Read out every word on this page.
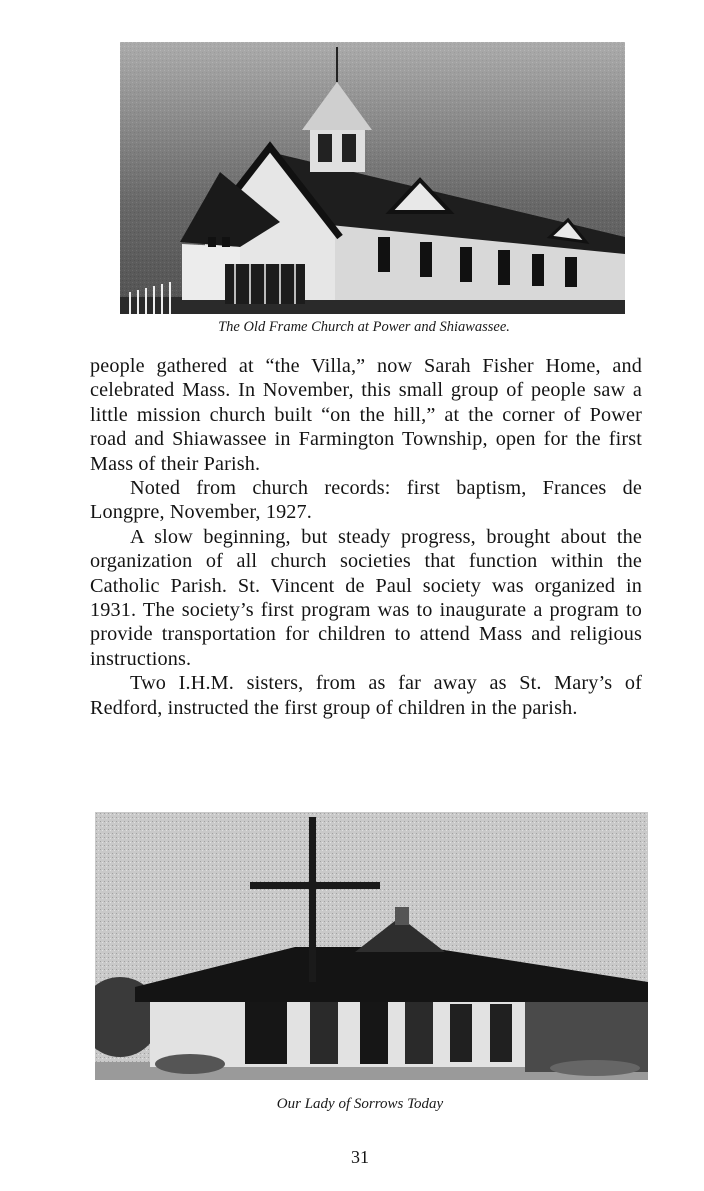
The Old Frame Church at Power and Shiawassee.

people gathered at “the Villa,” now Sarah Fisher Home, and celebrated Mass. In November, this small group of people saw a little mission church built “on the hill,” at the corner of Power road and Shiawassee in Farmington Township, open for the first Mass of their Parish.

Noted from church records: first baptism, Frances de Longpre, November, 1927.

A slow beginning, but steady progress, brought about the organization of all church societies that function within the Catholic Parish. St. Vincent de Paul society was organized in 1931. The society’s first program was to inaugurate a program to provide transportation for children to attend Mass and religious instructions.

Two I.H.M. sisters, from as far away as St. Mary’s of Redford, instructed the first group of children in the parish.

Our Lady of Sorrows Today
31
